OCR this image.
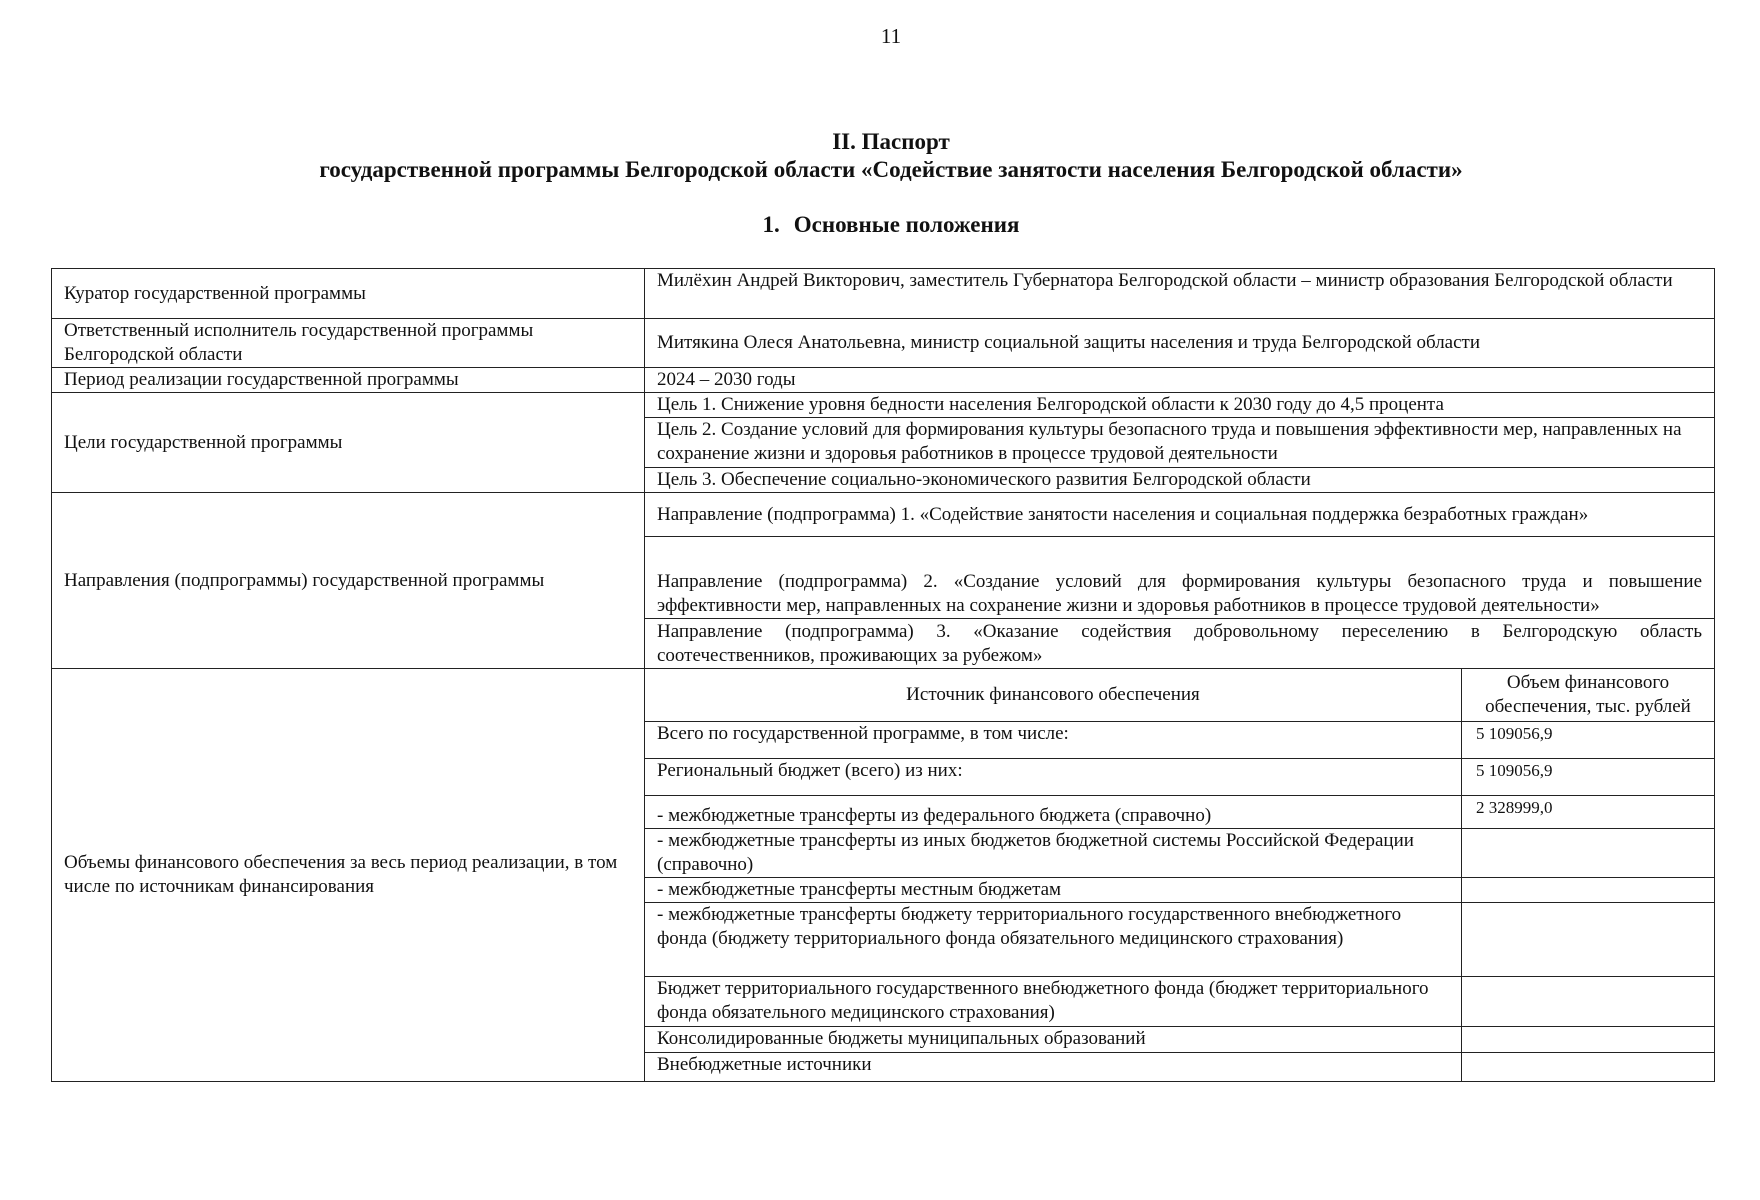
11
II. Паспорт
государственной программы Белгородской области «Содействие занятости населения Белгородской области»
1. Основные положения
Куратор государственной программы	Милёхин Андрей Викторович, заместитель Губернатора Белгородской области – министр образования Белгородской области
Ответственный исполнитель государственной программы Белгородской области	Митякина Олеся Анатольевна, министр социальной защиты населения и труда Белгородской области
Период реализации государственной программы	2024 – 2030 годы
Цели государственной программы	Цель 1. Снижение уровня бедности населения Белгородской области к 2030 году до 4,5 процента
Цель 2. Создание условий для формирования культуры безопасного труда и повышения эффективности мер, направленных на сохранение жизни и здоровья работников в процессе трудовой деятельности
Цель 3. Обеспечение социально-экономического развития Белгородской области
Направления (подпрограммы) государственной программы	Направление (подпрограмма) 1. «Содействие занятости населения и социальная поддержка безработных граждан»
Направление (подпрограмма) 2. «Создание условий для формирования культуры безопасного труда и повышение эффективности мер, направленных на сохранение жизни и здоровья работников в процессе трудовой деятельности»
Направление (подпрограмма) 3. «Оказание содействия добровольному переселению в Белгородскую область соотечественников, проживающих за рубежом»
Объемы финансового обеспечения за весь период реализации, в том числе по источникам финансирования	
Источник финансового обеспечения	Объем финансового обеспечения, тыс. рублей
Всего по государственной программе, в том числе:	5 109056,9
Региональный бюджет (всего) из них:	5 109056,9
- межбюджетные трансферты из федерального бюджета (справочно)	2 328999,0
- межбюджетные трансферты из иных бюджетов бюджетной системы Российской Федерации (справочно)	
- межбюджетные трансферты местным бюджетам	
- межбюджетные трансферты бюджету территориального государственного внебюджетного фонда (бюджету территориального фонда обязательного медицинского страхования)	
Бюджет территориального государственного внебюджетного фонда (бюджет территориального фонда обязательного медицинского страхования)	
Консолидированные бюджеты муниципальных образований	
Внебюджетные источники	
